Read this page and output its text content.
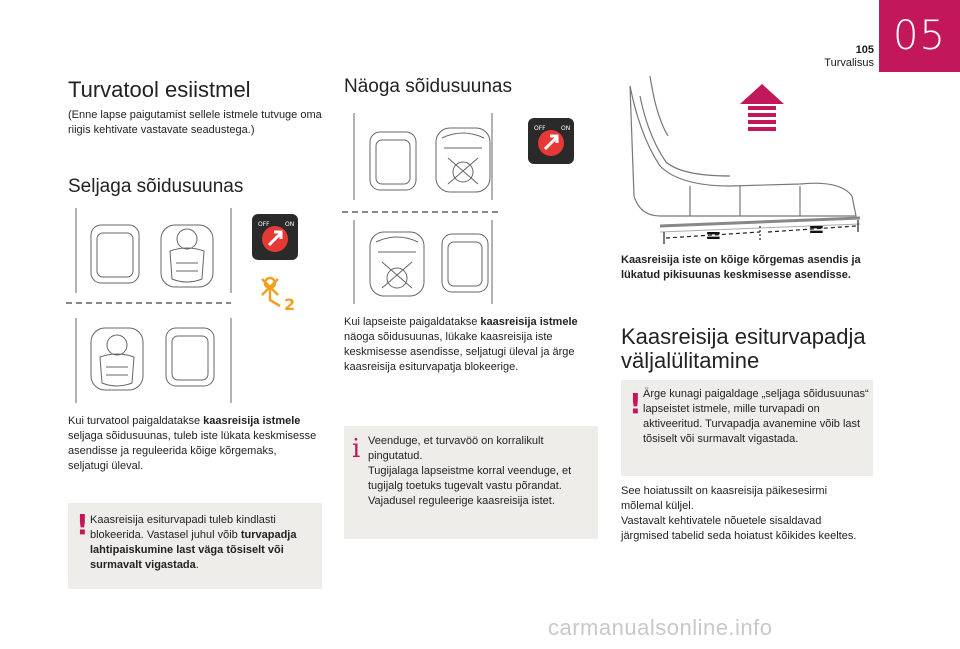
05
105
Turvalisus
Turvatool esiistmel

(Enne lapse paigutamist sellele istmele tutvuge oma riigis kehtivate vastavate seadustega.)

Seljaga sõidusuunas
OFF	ON
2

Kui turvatool paigaldatakse kaasreisija istmele seljaga sõidusuunas, tuleb iste lükata keskmisesse asendisse ja reguleerida kõige kõrgemaks, seljatugi üleval.

! Kaasreisija esiturvapadi tuleb kindlasti blokeerida. Vastasel juhul võib turvapadja lahtipaiskumine last väga tõsiselt või surmavalt vigastada.
Näoga sõidusuunas
OFF	ON

Kui lapseiste paigaldatakse kaasreisija istmele näoga sõidusuunas, lükake kaasreisija iste keskmisesse asendisse, seljatugi üleval ja ärge kaasreisija esiturvapatja blokeerige.

i Veenduge, et turvavöö on korralikult pingutatud.
Tugijalaga lapseistme korral veenduge, et tugijalg toetuks tugevalt vastu põrandat. Vajadusel reguleerige kaasreisija istet.
=	=

Kaasreisija iste on kõige kõrgemas asendis ja lükatud pikisuunas keskmisesse asendisse.

Kaasreisija esiturvapadja
väljalülitamine
! Ärge kunagi paigaldage „seljaga sõidusuunas“ lapseistet istmele, mille turvapadi on aktiveeritud. Turvapadja avanemine võib last tõsiselt või surmavalt vigastada.

See hoiatussilt on kaasreisija päikesesirmi mõlemal küljel.

Vastavalt kehtivatele nõuetele sisaldavad järgmised tabelid seda hoiatust kõikides keeltes.

carmanualsonline.info
